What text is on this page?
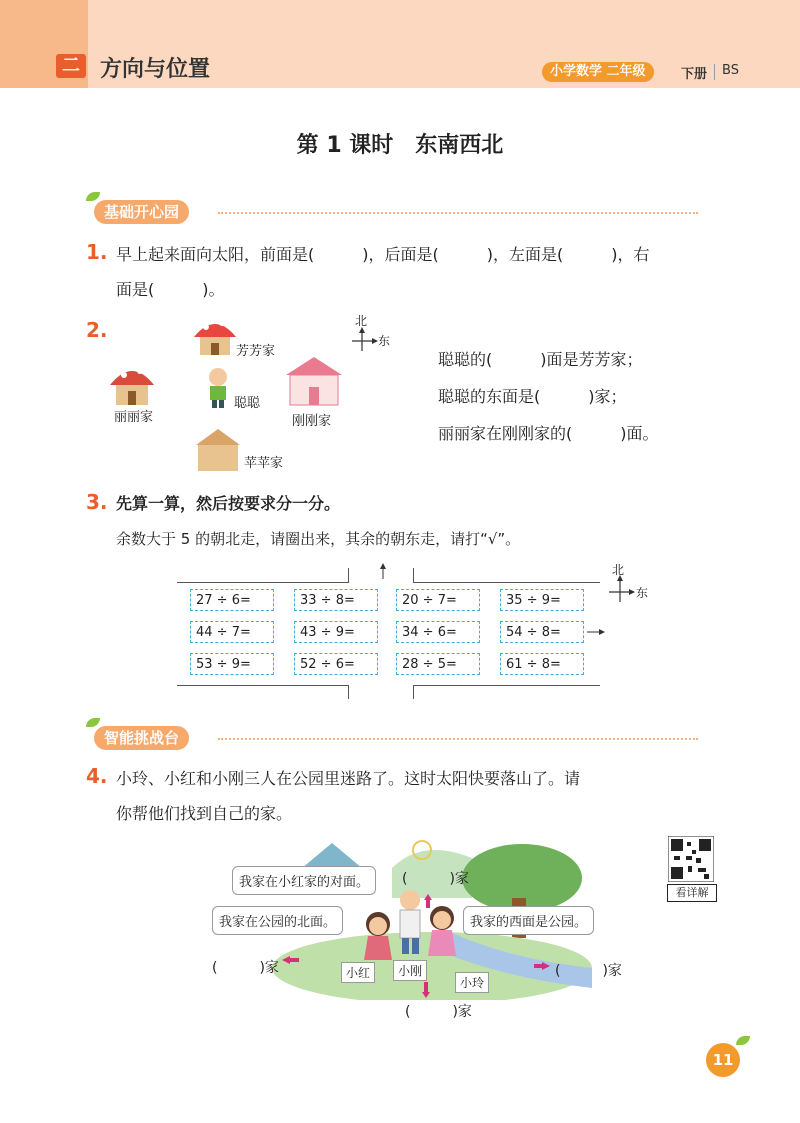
二 方向与位置	小学数学 二年级	下册 BS
第 1 课时　东南西北
基础开心园
1. 早上起来面向太阳，前面是(　　　)，后面是(　　　)，左面是(　　　)，右
面是(　　　)。
2.	北
东
芳芳家
丽丽家
聪聪
刚刚家
苹苹家
聪聪的(　　　)面是芳芳家；
聪聪的东面是(　　　)家；
丽丽家在刚刚家的(　　　)面。
3. 先算一算，然后按要求分一分。
余数大于 5 的朝北走，请圈出来，其余的朝东走，请打“√”。
北
东
27 ÷ 6=	33 ÷ 8=	20 ÷ 7=	35 ÷ 9=
44 ÷ 7=	43 ÷ 9=	34 ÷ 6=	54 ÷ 8=
53 ÷ 9=	52 ÷ 6=	28 ÷ 5=	61 ÷ 8=
智能挑战台
4. 小玲、小红和小刚三人在公园里迷路了。这时太阳快要落山了。请
你帮他们找到自己的家。
看详解
我家在小红家的对面。	(　　　)家
我家在公园的北面。	我家的西面是公园。
小红	小刚
小玲
(　　　)家	(　　　)家
(　　　)家
11
